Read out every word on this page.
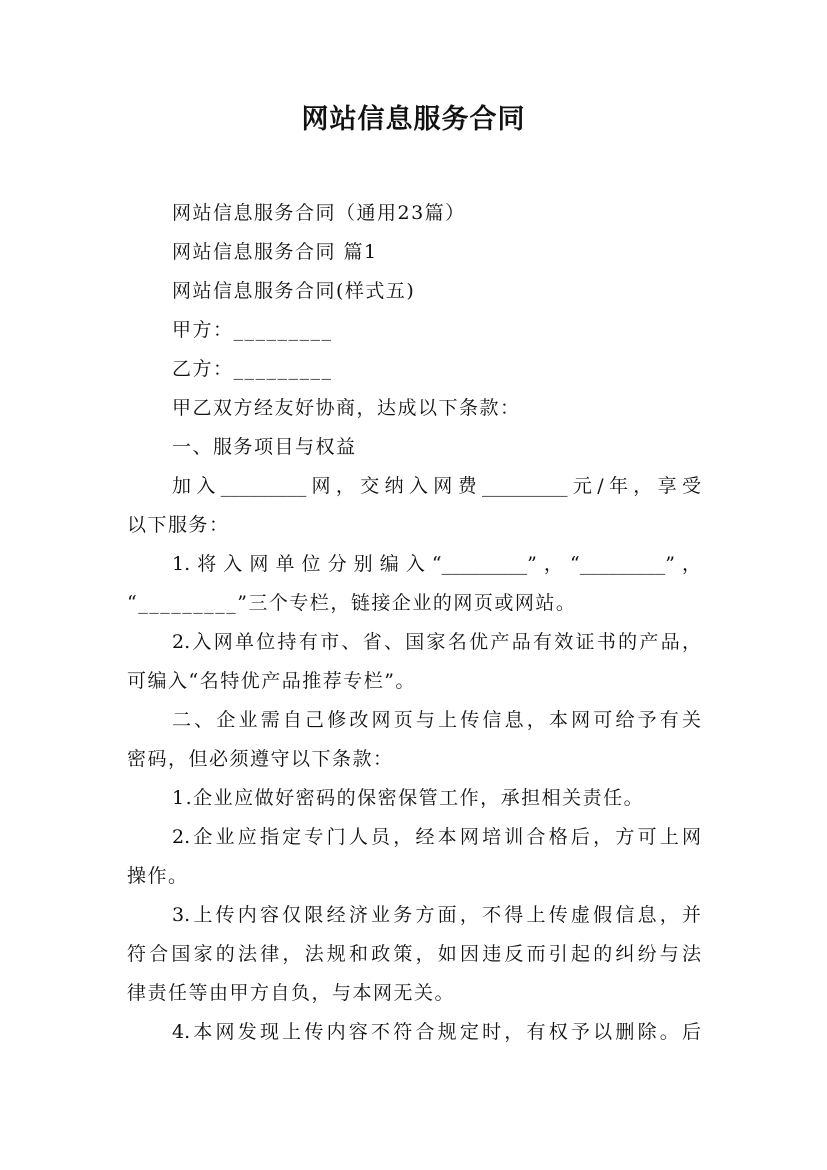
网站信息服务合同
网站信息服务合同（通用23篇）
网站信息服务合同 篇1
网站信息服务合同(样式五)
甲方：_________
乙方：_________
甲乙双方经友好协商，达成以下条款：
一、服务项目与权益
加入_________网，交纳入网费_________元/年，享受
以下服务：
1.将入网单位分别编入“_________”，“_________”，
“_________”三个专栏，链接企业的网页或网站。
2.入网单位持有市、省、国家名优产品有效证书的产品，
可编入“名特优产品推荐专栏”。
二、企业需自己修改网页与上传信息，本网可给予有关
密码，但必须遵守以下条款：
1.企业应做好密码的保密保管工作，承担相关责任。
2.企业应指定专门人员，经本网培训合格后，方可上网
操作。
3.上传内容仅限经济业务方面，不得上传虚假信息，并
符合国家的法律，法规和政策，如因违反而引起的纠纷与法
律责任等由甲方自负，与本网无关。
4.本网发现上传内容不符合规定时，有权予以删除。后
